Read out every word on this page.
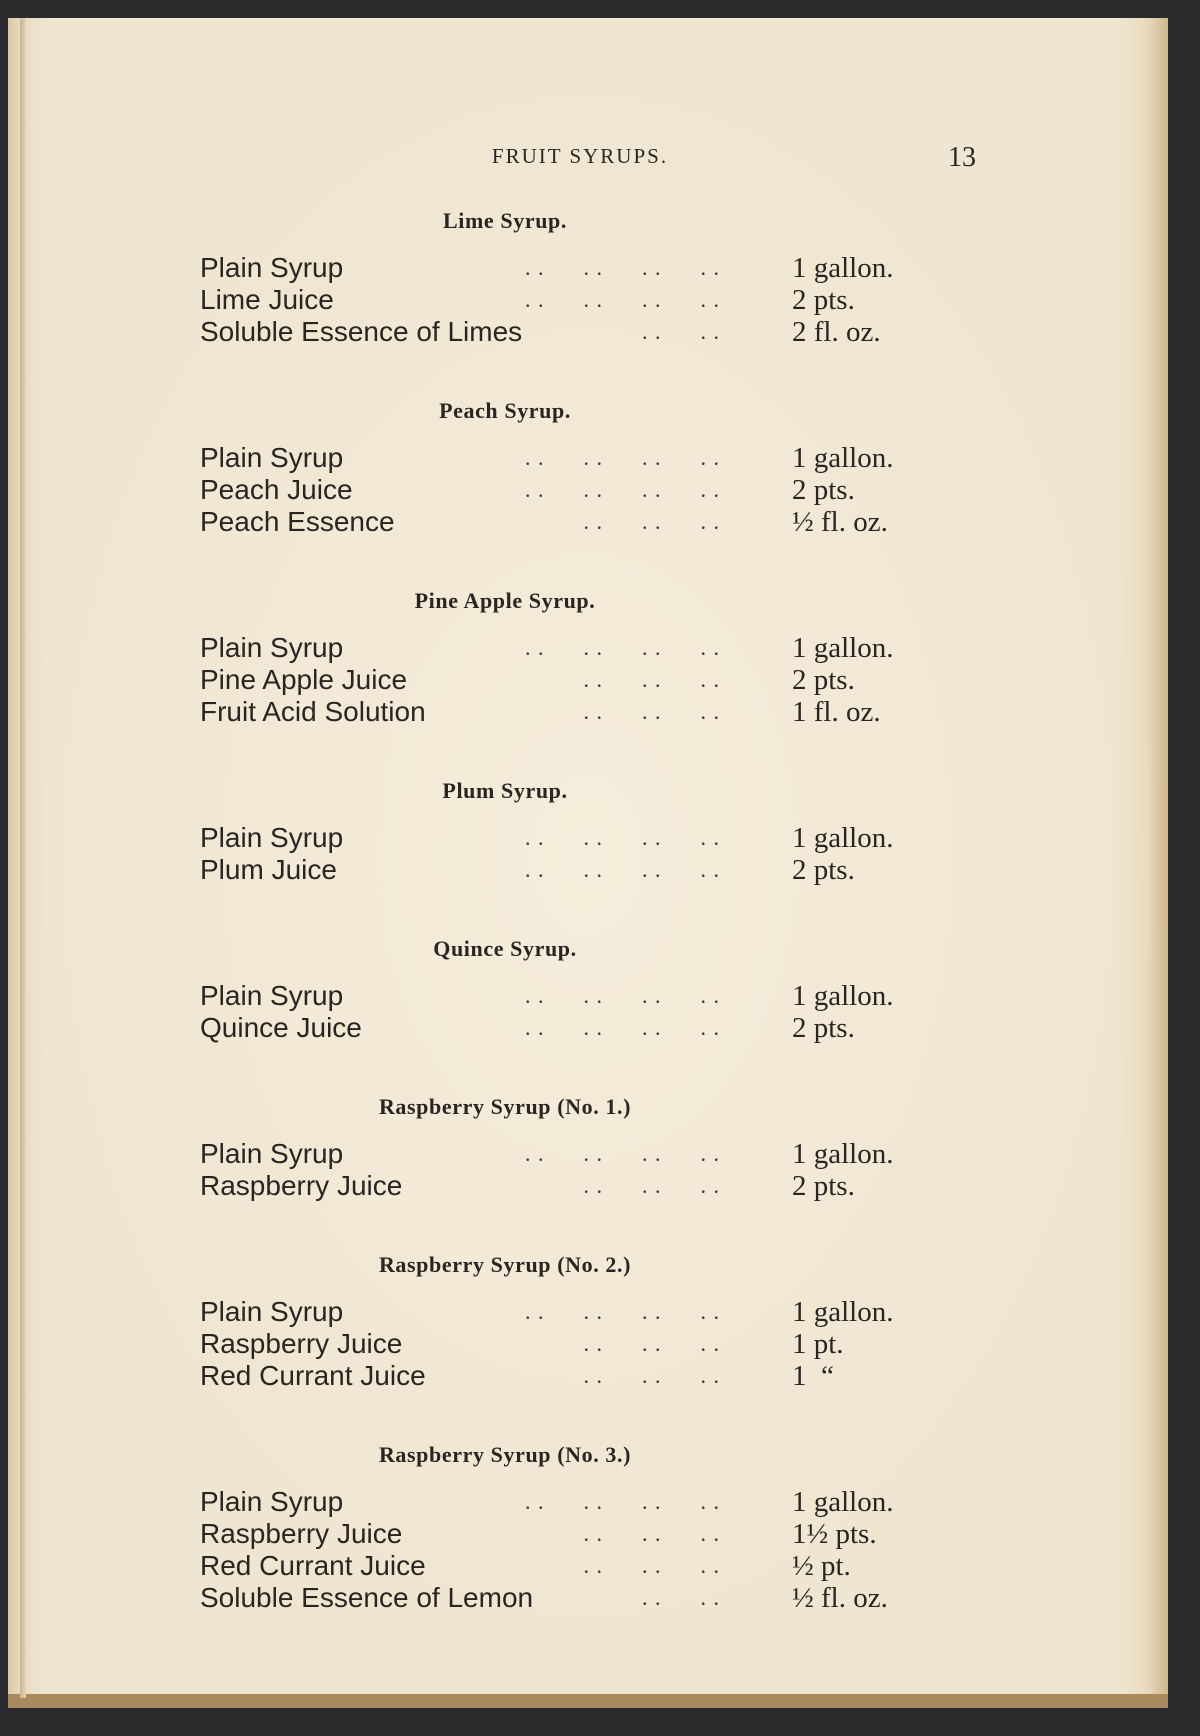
FRUIT SYRUPS.	13
Lime Syrup.
Plain Syrup	. .      . .      . .      . . 1 gallon.
Lime Juice	. .      . .      . .      . . 2 pts.
Soluble Essence of Limes	. .      . . 2 fl. oz.
Peach Syrup.
Plain Syrup	. .      . .      . .      . . 1 gallon.
Peach Juice	. .      . .      . .      . . 2 pts.
Peach Essence	. .      . .      . . ½ fl. oz.
Pine Apple Syrup.
Plain Syrup	. .      . .      . .      . . 1 gallon.
Pine Apple Juice	. .      . .      . . 2 pts.
Fruit Acid Solution	. .      . .      . . 1 fl. oz.
Plum Syrup.
Plain Syrup	. .      . .      . .      . . 1 gallon.
Plum Juice	. .      . .      . .      . . 2 pts.
Quince Syrup.
Plain Syrup	. .      . .      . .      . . 1 gallon.
Quince Juice	. .      . .      . .      . . 2 pts.
Raspberry Syrup (No. 1.)
Plain Syrup	. .      . .      . .      . . 1 gallon.
Raspberry Juice	. .      . .      . . 2 pts.
Raspberry Syrup (No. 2.)
Plain Syrup	. .      . .      . .      . . 1 gallon.
Raspberry Juice	. .      . .      . . 1 pt.
Red Currant Juice	. .      . .      . . 1  “
Raspberry Syrup (No. 3.)
Plain Syrup	. .      . .      . .      . . 1 gallon.
Raspberry Juice	. .      . .      . . 1½ pts.
Red Currant Juice	. .      . .      . . ½ pt.
Soluble Essence of Lemon	. .      . . ½ fl. oz.
